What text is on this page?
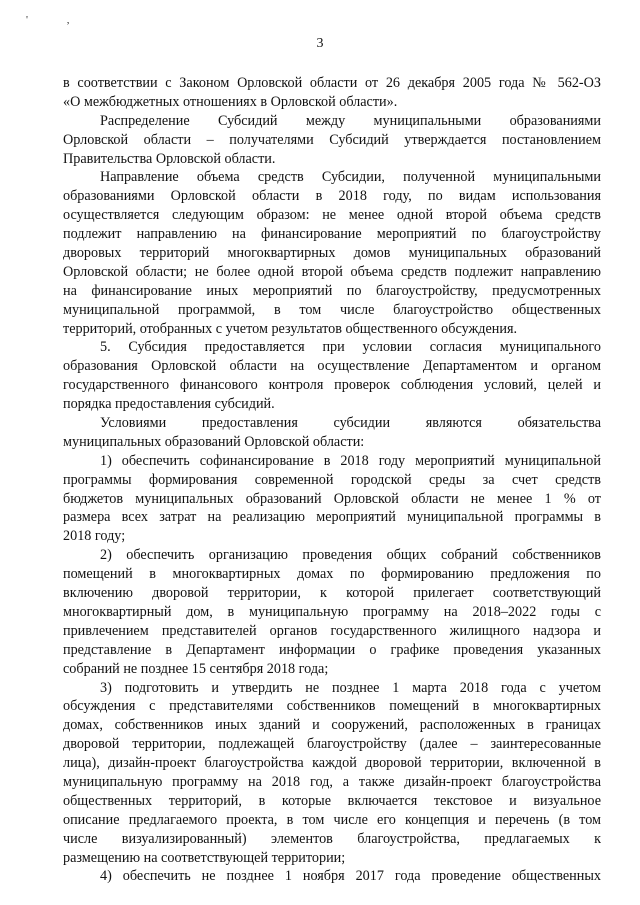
' ,
3
в соответствии с Законом Орловской области от 26 декабря 2005 года № 562-ОЗ
«О межбюджетных отношениях в Орловской области».
Распределение Субсидий между муниципальными образованиями
Орловской области – получателями Субсидий утверждается постановлением
Правительства Орловской области.
Направление объема средств Субсидии, полученной муниципальными
образованиями Орловской области в 2018 году, по видам использования
осуществляется следующим образом: не менее одной второй объема средств
подлежит направлению на финансирование мероприятий по благоустройству
дворовых территорий многоквартирных домов муниципальных образований
Орловской области; не более одной второй объема средств подлежит направлению
на финансирование иных мероприятий по благоустройству, предусмотренных
муниципальной программой, в том числе благоустройство общественных
территорий, отобранных с учетом результатов общественного обсуждения.
5. Субсидия предоставляется при условии согласия муниципального
образования Орловской области на осуществление Департаментом и органом
государственного финансового контроля проверок соблюдения условий, целей и
порядка предоставления субсидий.
Условиями предоставления субсидии являются обязательства
муниципальных образований Орловской области:
1) обеспечить софинансирование в 2018 году мероприятий муниципальной
программы формирования современной городской среды за счет средств
бюджетов муниципальных образований Орловской области не менее 1 % от
размера всех затрат на реализацию мероприятий муниципальной программы в
2018 году;
2) обеспечить организацию проведения общих собраний собственников
помещений в многоквартирных домах по формированию предложения по
включению дворовой территории, к которой прилегает соответствующий
многоквартирный дом, в муниципальную программу на 2018–2022 годы с
привлечением представителей органов государственного жилищного надзора и
представление в Департамент информации о графике проведения указанных
собраний не позднее 15 сентября 2018 года;
3) подготовить и утвердить не позднее 1 марта 2018 года с учетом
обсуждения с представителями собственников помещений в многоквартирных
домах, собственников иных зданий и сооружений, расположенных в границах
дворовой территории, подлежащей благоустройству (далее – заинтересованные
лица), дизайн-проект благоустройства каждой дворовой территории, включенной в
муниципальную программу на 2018 год, а также дизайн-проект благоустройства
общественных территорий, в которые включается текстовое и визуальное
описание предлагаемого проекта, в том числе его концепция и перечень (в том
числе визуализированный) элементов благоустройства, предлагаемых к
размещению на соответствующей территории;
4) обеспечить не позднее 1 ноября 2017 года проведение общественных
